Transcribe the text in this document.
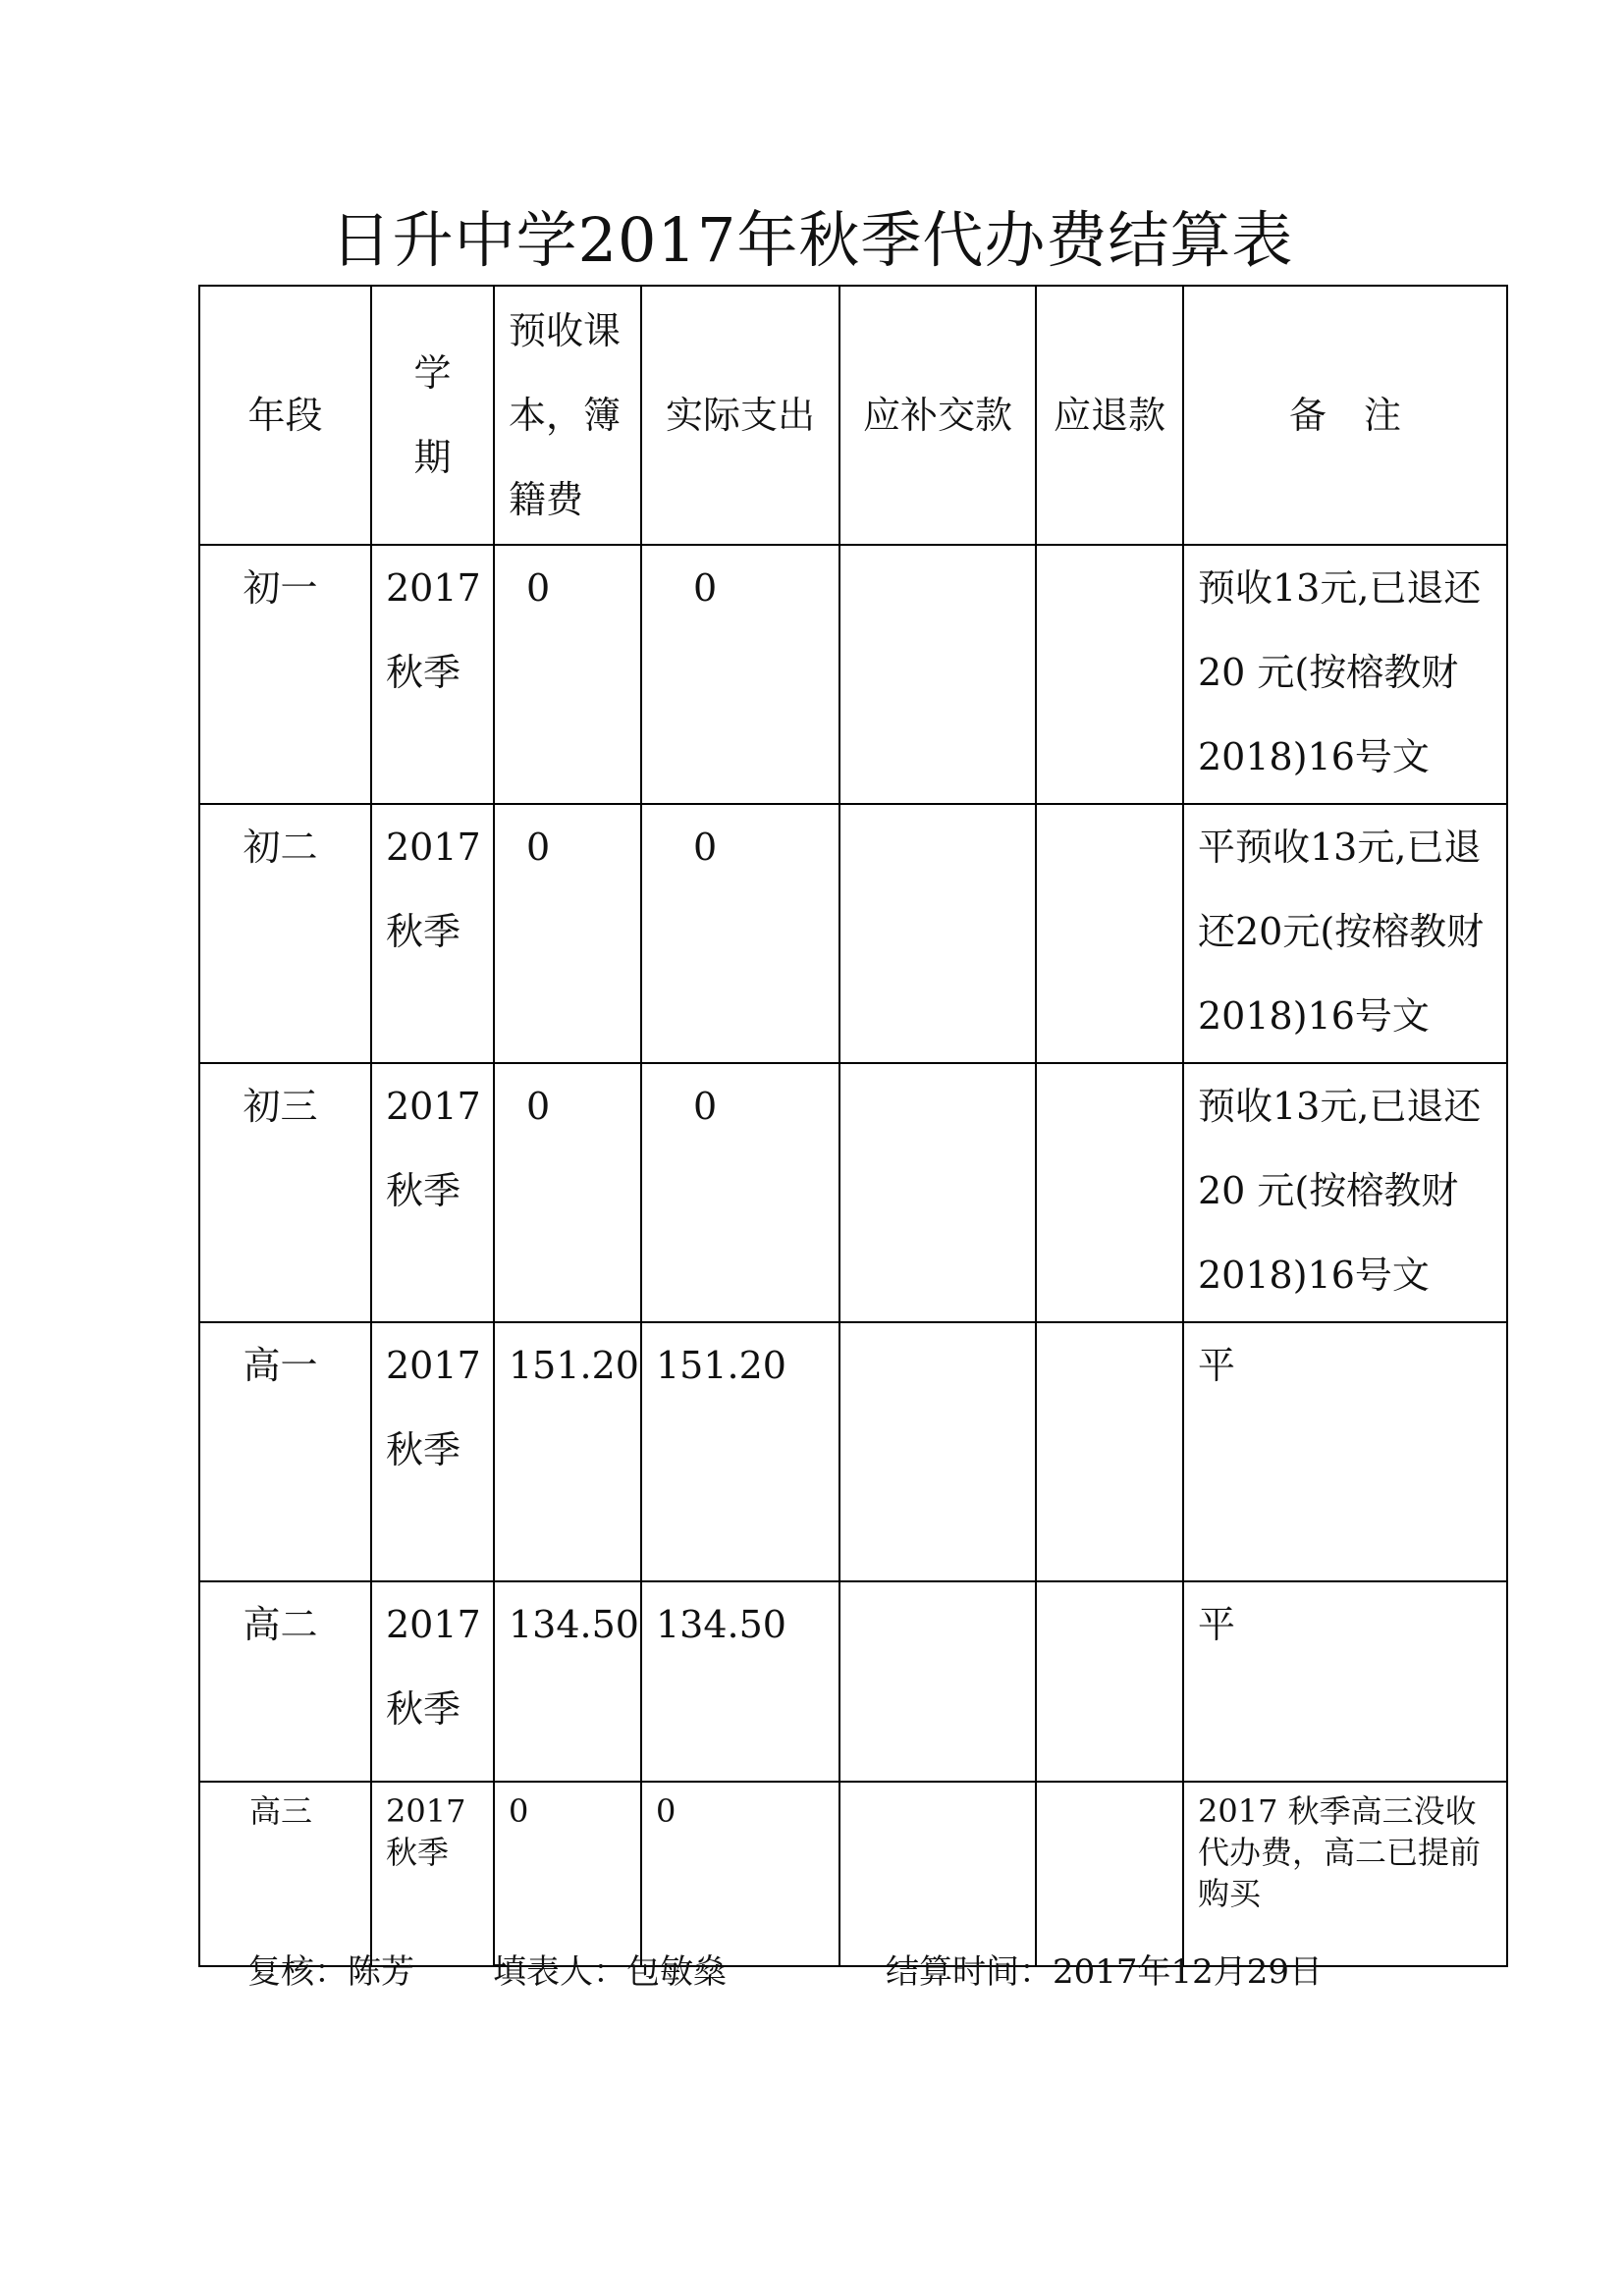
日升中学2017年秋季代办费结算表
年段	学期	预收课本，簿籍费	实际支出	应补交款	应退款	备　注
初一	2017秋季	0	0			预收13元,已退还20 元(按榕教财2018)16号文
初二	2017秋季	0	0			平预收13元,已退还20元(按榕教财2018)16号文
初三	2017秋季	0	0			预收13元,已退还20 元(按榕教财2018)16号文
高一	2017秋季	151.20	151.20			平
高二	2017秋季	134.50	134.50			平
高三	2017秋季	0	0			2017 秋季高三没收代办费，高二已提前购买
复核：陈芳 填表人：包敏燊	结算时间：2017年12月29日
